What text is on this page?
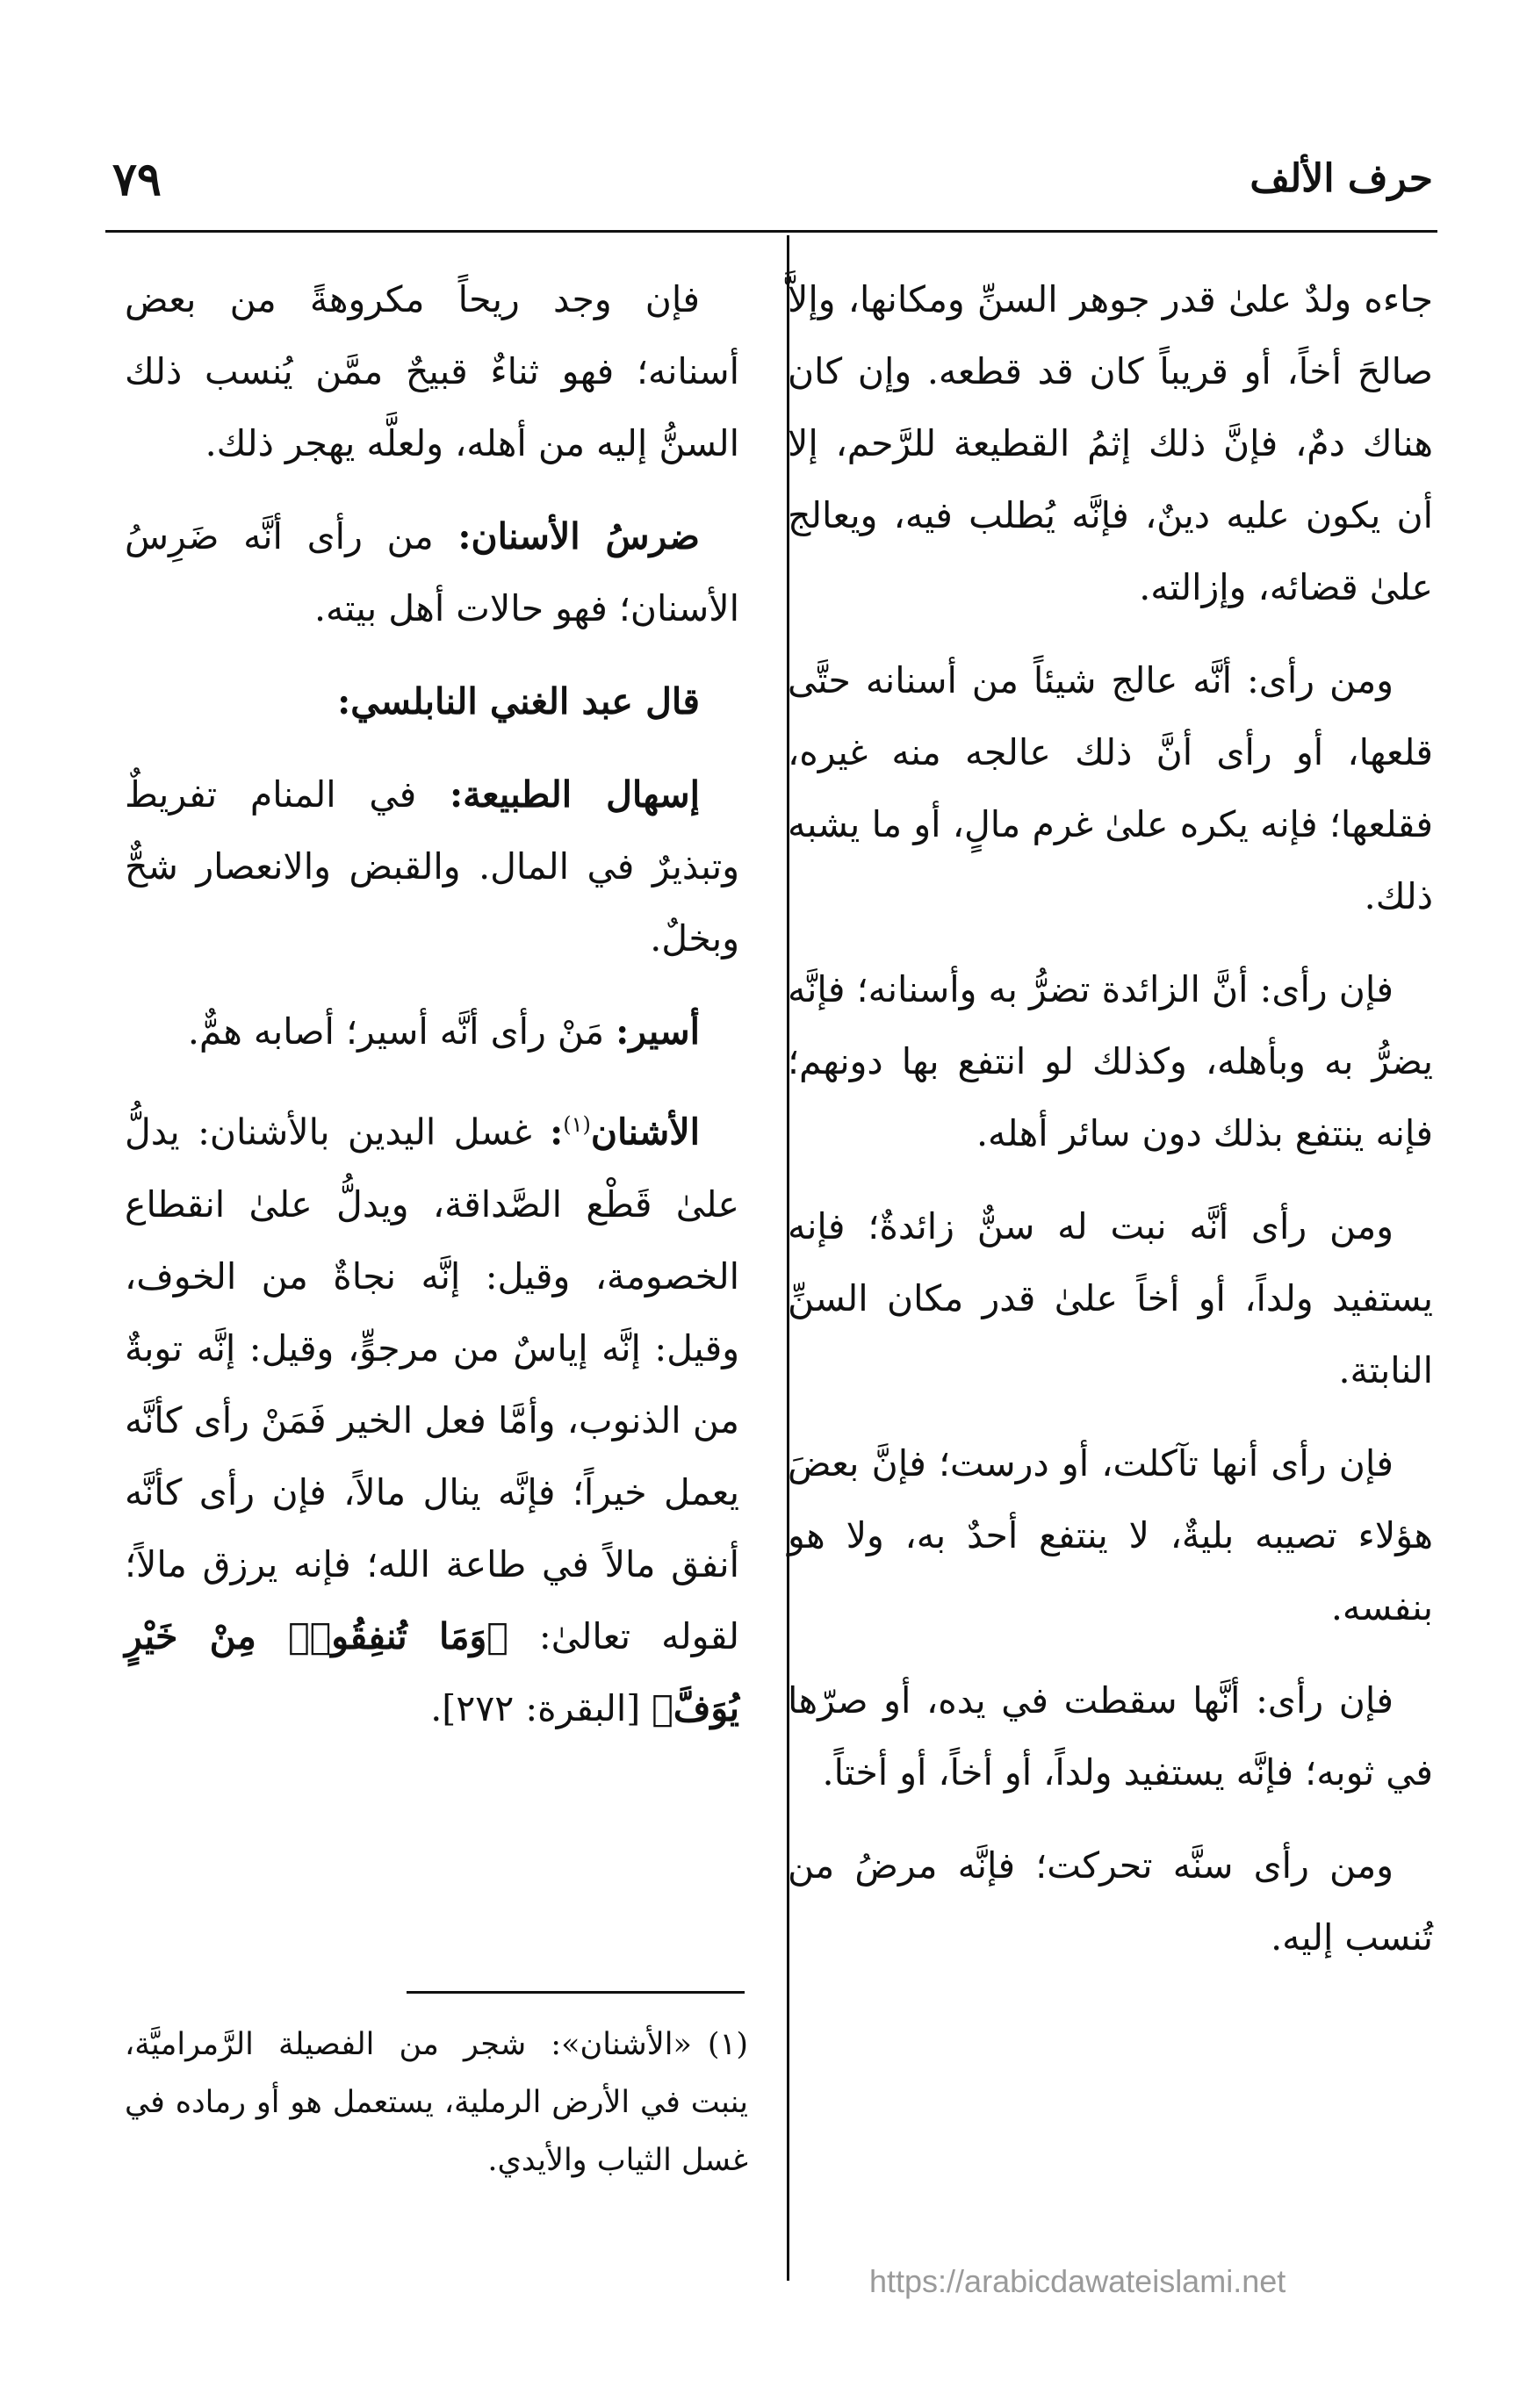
حرف الألف
٧٩

جاءه ولدٌ علىٰ قدر جوهر السنِّ ومكانها، وإلاَّ صالحَ أخاً، أو قريباً كان قد قطعه. وإن كان هناك دمٌ، فإنَّ ذلك إثمُ القطيعة للرَّحم، إلا أن يكون عليه دينٌ، فإنَّه يُطلب فيه، ويعالج علىٰ قضائه، وإزالته.

ومن رأى: أنَّه عالج شيئاً من أسنانه حتَّى قلعها، أو رأى أنَّ ذلك عالجه منه غيره، فقلعها؛ فإنه يكره علىٰ غرم مالٍ، أو ما يشبه ذلك.

فإن رأى: أنَّ الزائدة تضرُّ به وأسنانه؛ فإنَّه يضرُّ به وبأهله، وكذلك لو انتفع بها دونهم؛ فإنه ينتفع بذلك دون سائر أهله.

ومن رأى أنَّه نبت له سنٌّ زائدةٌ؛ فإنه يستفيد ولداً، أو أخاً علىٰ قدر مكان السنِّ النابتة.

فإن رأى أنها تآكلت، أو درست؛ فإنَّ بعضَ هؤلاء تصيبه بليةٌ، لا ينتفع أحدٌ به، ولا هو بنفسه.

فإن رأى: أنَّها سقطت في يده، أو صرّها في ثوبه؛ فإنَّه يستفيد ولداً، أو أخاً، أو أختاً.

ومن رأى سنَّه تحركت؛ فإنَّه مرضُ من تُنسب إليه.

فإن وجد ريحاً مكروهةً من بعض أسنانه؛ فهو ثناءٌ قبيحٌ ممَّن يُنسب ذلك السنُّ إليه من أهله، ولعلَّه يهجر ذلك.

ضرسُ الأسنان: من رأى أنَّه ضَرِسُ الأسنان؛ فهو حالات أهل بيته.

قال عبد الغني النابلسي:

إسهال الطبيعة: في المنام تفريطٌ وتبذيرٌ في المال. والقبض والانعصار شحٌّ وبخلٌ.

أسير: مَنْ رأى أنَّه أسير؛ أصابه همٌّ.

الأشنان$^{(١)}$: غسل اليدين بالأشنان: يدلُّ علىٰ قَطْع الصَّداقة، ويدلُّ علىٰ انقطاع الخصومة، وقيل: إنَّه نجاةٌ من الخوف، وقيل: إنَّه إياسٌ من مرجوٍّ، وقيل: إنَّه توبةٌ من الذنوب، وأمَّا فعل الخير فَمَنْ رأى كأنَّه يعمل خيراً؛ فإنَّه ينال مالاً، فإن رأى كأنَّه أنفق مالاً في طاعة الله؛ فإنه يرزق مالاً؛ لقوله تعالىٰ: ﴿وَمَا تُنفِقُوا۟ مِنْ خَيْرٍ يُوَفَّ﴾ [البقرة: ٢٧٢].

(١)«الأشنان»: شجر من الفصيلة الرَّمراميَّة، ينبت في الأرض الرملية، يستعمل هو أو رماده في غسل الثياب والأيدي.
https://arabicdawateislami.net
